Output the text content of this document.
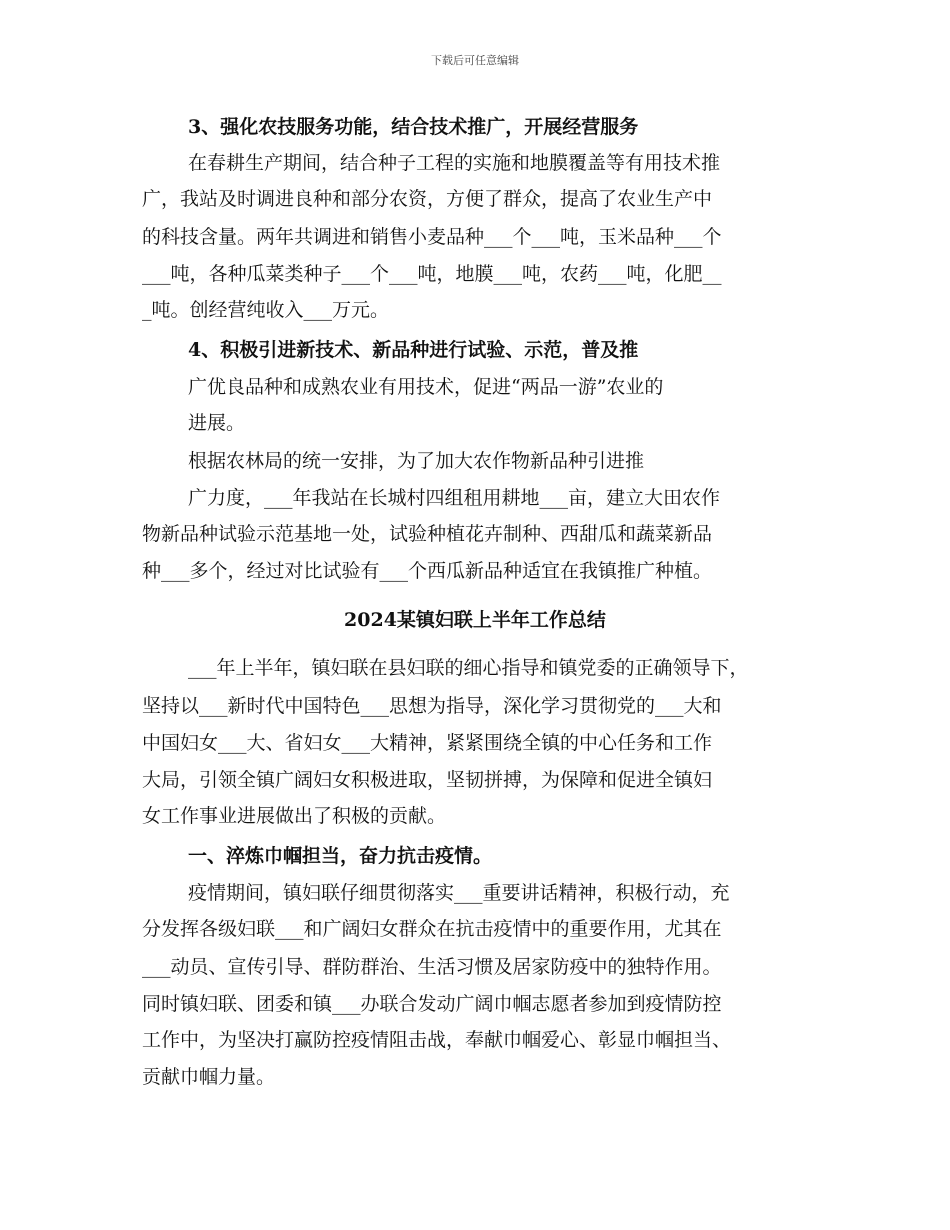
下载后可任意编辑
3、强化农技服务功能，结合技术推广，开展经营服务
在春耕生产期间，结合种子工程的实施和地膜覆盖等有用技术推
广，我站及时调进良种和部分农资，方便了群众，提高了农业生产中
的科技含量。两年共调进和销售小麦品种___个___吨，玉米品种___个
___吨，各种瓜菜类种子___个___吨，地膜___吨，农药___吨，化肥__
_吨。创经营纯收入___万元。
4、积极引进新技术、新品种进行试验、示范，普及推
广优良品种和成熟农业有用技术，促进“两品一游”农业的
进展。
根据农林局的统一安排，为了加大农作物新品种引进推
广力度，___年我站在长城村四组租用耕地___亩，建立大田农作
物新品种试验示范基地一处，试验种植花卉制种、西甜瓜和蔬菜新品
种___多个，经过对比试验有___个西瓜新品种适宜在我镇推广种植。
2024某镇妇联上半年工作总结
___年上半年，镇妇联在县妇联的细心指导和镇党委的正确领导下，
坚持以___新时代中国特色___思想为指导，深化学习贯彻党的___大和
中国妇女___大、省妇女___大精神，紧紧围绕全镇的中心任务和工作
大局，引领全镇广阔妇女积极进取，坚韧拼搏，为保障和促进全镇妇
女工作事业进展做出了积极的贡献。
一、淬炼巾帼担当，奋力抗击疫情。
疫情期间，镇妇联仔细贯彻落实___重要讲话精神，积极行动，充
分发挥各级妇联___和广阔妇女群众在抗击疫情中的重要作用，尤其在
___动员、宣传引导、群防群治、生活习惯及居家防疫中的独特作用。
同时镇妇联、团委和镇___办联合发动广阔巾帼志愿者参加到疫情防控
工作中，为坚决打赢防控疫情阻击战，奉献巾帼爱心、彰显巾帼担当、
贡献巾帼力量。
